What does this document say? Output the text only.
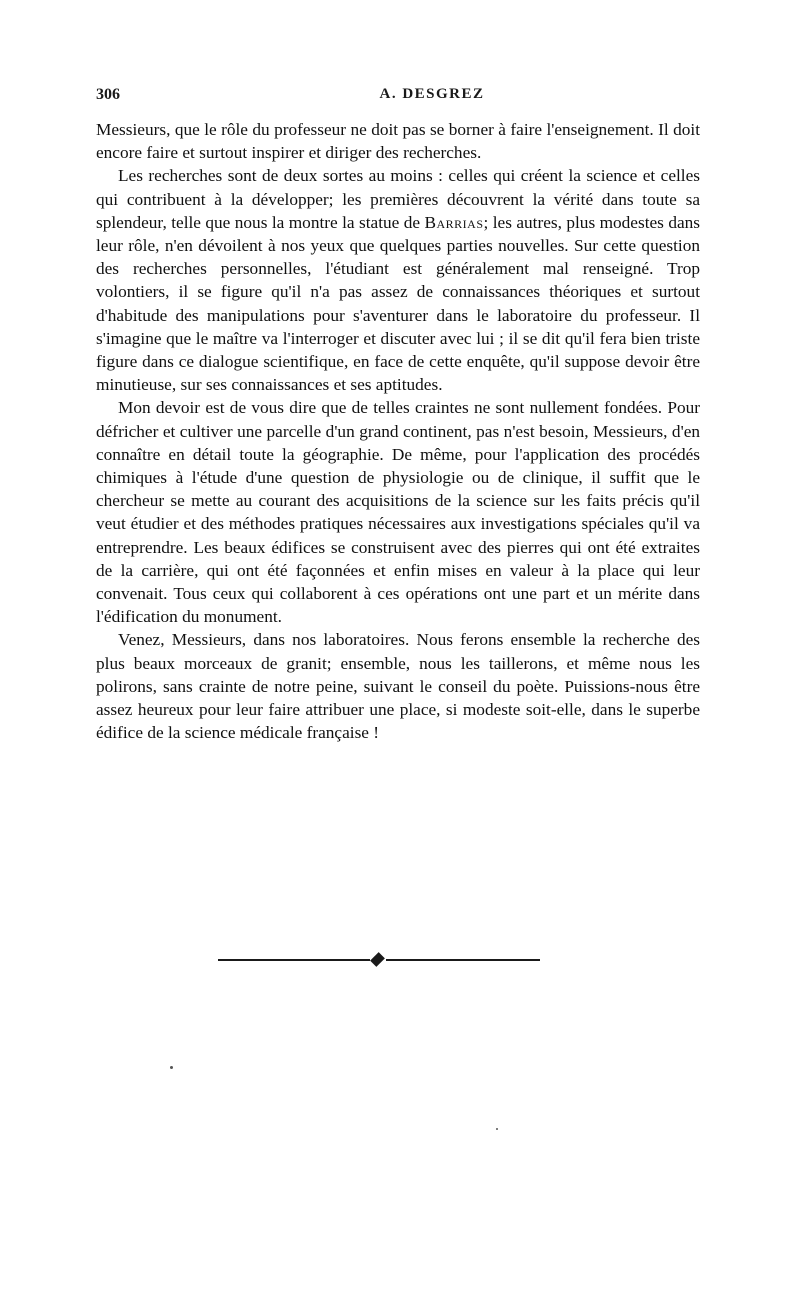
306	A. DESGREZ

Messieurs, que le rôle du professeur ne doit pas se borner à faire l'enseignement. Il doit encore faire et surtout inspirer et diriger des recherches.

Les recherches sont de deux sortes au moins : celles qui créent la science et celles qui contribuent à la développer; les premières découvrent la vérité dans toute sa splendeur, telle que nous la montre la statue de Barrias; les autres, plus modestes dans leur rôle, n'en dévoilent à nos yeux que quelques parties nouvelles. Sur cette question des recherches personnelles, l'étudiant est généralement mal renseigné. Trop volontiers, il se figure qu'il n'a pas assez de connaissances théoriques et surtout d'habitude des manipulations pour s'aventurer dans le laboratoire du professeur. Il s'imagine que le maître va l'interroger et discuter avec lui ; il se dit qu'il fera bien triste figure dans ce dialogue scientifique, en face de cette enquête, qu'il suppose devoir être minutieuse, sur ses connaissances et ses aptitudes.

Mon devoir est de vous dire que de telles craintes ne sont nullement fondées. Pour défricher et cultiver une parcelle d'un grand continent, pas n'est besoin, Messieurs, d'en connaître en détail toute la géographie. De même, pour l'application des procédés chimiques à l'étude d'une question de physiologie ou de clinique, il suffit que le chercheur se mette au courant des acquisitions de la science sur les faits précis qu'il veut étudier et des méthodes pratiques nécessaires aux investigations spéciales qu'il va entreprendre. Les beaux édifices se construisent avec des pierres qui ont été extraites de la carrière, qui ont été façonnées et enfin mises en valeur à la place qui leur convenait. Tous ceux qui collaborent à ces opérations ont une part et un mérite dans l'édification du monument.

Venez, Messieurs, dans nos laboratoires. Nous ferons ensemble la recherche des plus beaux morceaux de granit; ensemble, nous les taillerons, et même nous les polirons, sans crainte de notre peine, suivant le conseil du poète. Puissions-nous être assez heureux pour leur faire attribuer une place, si modeste soit-elle, dans le superbe édifice de la science médicale française !
